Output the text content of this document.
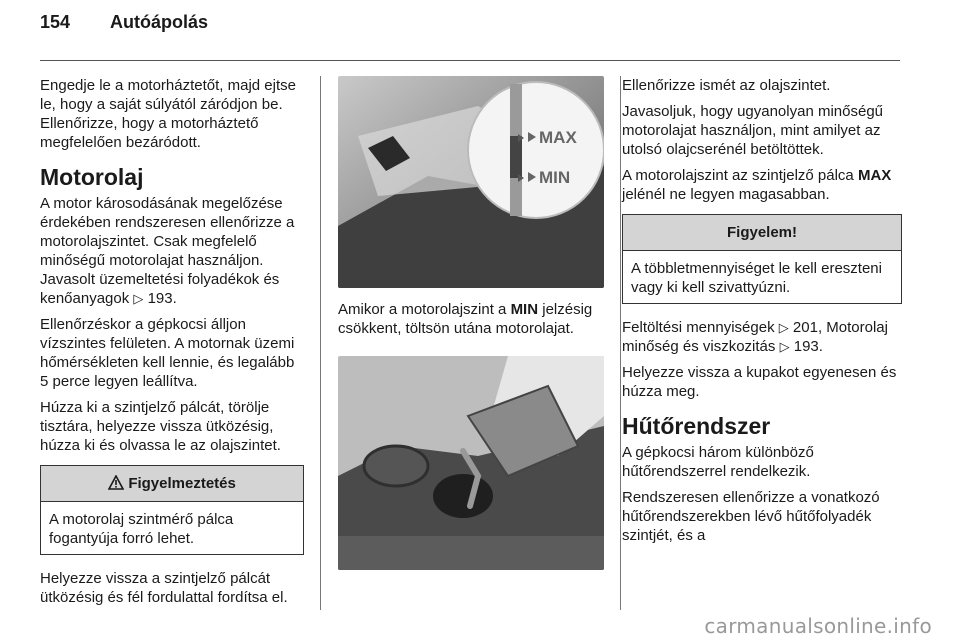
154 Autóápolás

Engedje le a motorháztetőt, majd ejtse le, hogy a saját súlyától záródjon be. Ellenőrizze, hogy a motorháztető megfelelően bezáródott.

Motorolaj

A motor károsodásának megelőzése érdekében rendszeresen ellenőrizze a motorolajszintet. Csak megfelelő minőségű motorolajat használjon. Javasolt üzemeltetési folyadékok és kenőanyagok ▷ 193.

Ellenőrzéskor a gépkocsi álljon vízszintes felületen. A motornak üzemi hőmérsékleten kell lennie, és legalább 5 perce legyen leállítva.

Húzza ki a szintjelző pálcát, törölje tisztára, helyezze vissza ütközésig, húzza ki és olvassa le az olajszintet.

Figyelmeztetés
A motorolaj szintmérő pálca fogantyúja forró lehet.

Helyezze vissza a szintjelző pálcát ütközésig és fél fordulattal fordítsa el.

MAX
MIN

Amikor a motorolajszint a MIN jelzésig csökkent, töltsön utána motorolajat.

Ellenőrizze ismét az olajszintet.

Javasoljuk, hogy ugyanolyan minőségű motorolajat használjon, mint amilyet az utolsó olajcserénél betöltöttek.

A motorolajszint az szintjelző pálca MAX jelénél ne legyen magasabban.

Figyelem!
A többletmennyiséget le kell ereszteni vagy ki kell szivattyúzni.

Feltöltési mennyiségek ▷ 201, Motorolaj minőség és viszkozitás ▷ 193.

Helyezze vissza a kupakot egyenesen és húzza meg.

Hűtőrendszer

A gépkocsi három különböző hűtőrendszerrel rendelkezik.

Rendszeresen ellenőrizze a vonatkozó hűtőrendszerekben lévő hűtőfolyadék szintjét, és a

carmanualsonline.info
